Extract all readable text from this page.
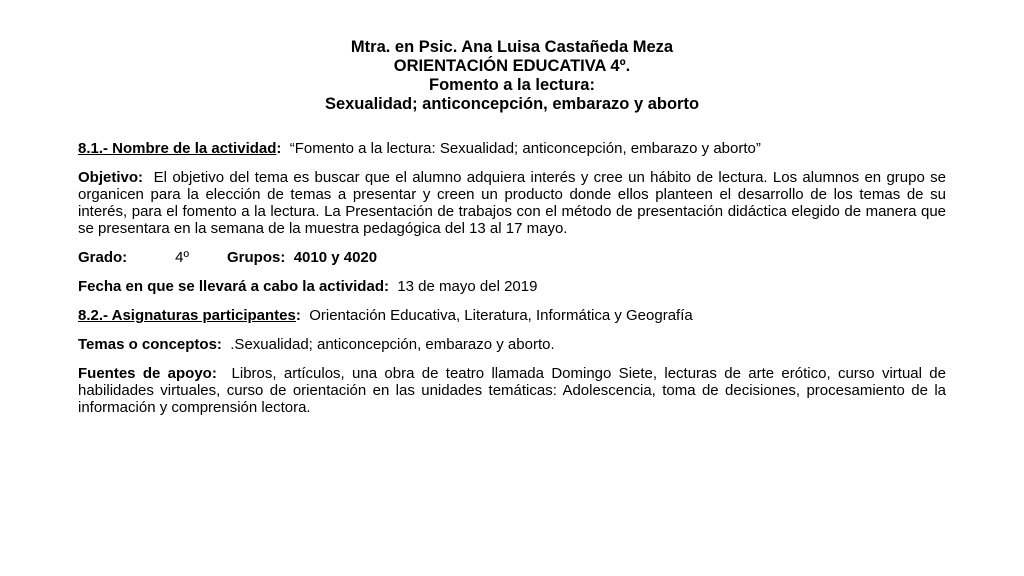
Mtra. en Psic. Ana Luisa Castañeda Meza
ORIENTACIÓN EDUCATIVA 4º.
Fomento a la lectura:
Sexualidad; anticoncepción, embarazo y aborto

8.1.- Nombre de la actividad: “Fomento a la lectura: Sexualidad; anticoncepción, embarazo y aborto”

Objetivo: El objetivo del tema es buscar que el alumno adquiera interés y cree un hábito de lectura. Los alumnos en grupo se organicen para la elección de temas a presentar y creen un producto donde ellos planteen el desarrollo de los temas de su interés, para el fomento a la lectura. La Presentación de trabajos con el método de presentación didáctica elegido de manera que se presentara en la semana de la muestra pedagógica del 13 al 17 mayo.

Grado:	4º	Grupos: 4010 y 4020

Fecha en que se llevará a cabo la actividad: 13 de mayo del 2019

8.2.- Asignaturas participantes: Orientación Educativa, Literatura, Informática y Geografía

Temas o conceptos: .Sexualidad; anticoncepción, embarazo y aborto.

Fuentes de apoyo: Libros, artículos, una obra de teatro llamada Domingo Siete, lecturas de arte erótico, curso virtual de habilidades virtuales, curso de orientación en las unidades temáticas: Adolescencia, toma de decisiones, procesamiento de la información y comprensión lectora.
